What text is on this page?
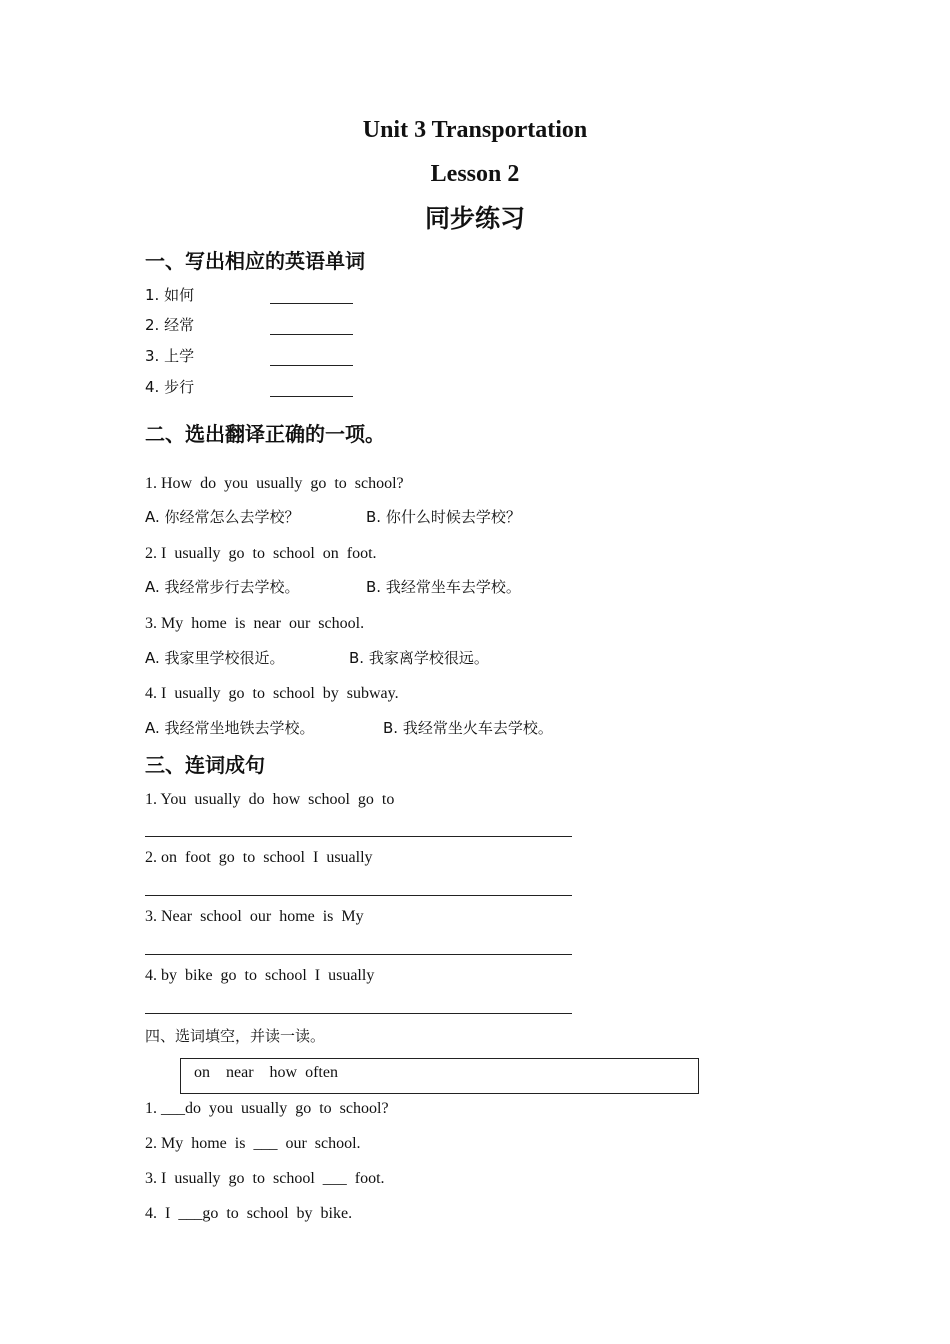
Unit 3 Transportation
Lesson 2
同步练习
一、写出相应的英语单词
1. 如何
2. 经常
3. 上学
4. 步行
二、选出翻译正确的一项。
1. How  do  you  usually  go  to  school?
A. 你经常怎么去学校？	B. 你什么时候去学校？
2. I  usually  go  to  school  on  foot.
A. 我经常步行去学校。	B. 我经常坐车去学校。
3. My  home  is  near  our  school.
A. 我家里学校很近。	B. 我家离学校很远。
4. I  usually  go  to  school  by  subway.
A. 我经常坐地铁去学校。	B. 我经常坐火车去学校。
三、连词成句
1. You  usually  do  how  school  go  to
2. on  foot  go  to  school  I  usually
3. Near  school  our  home  is  My
4. by  bike  go  to  school  I  usually
四、选词填空，并读一读。
on    near    how  often
1. ___do  you  usually  go  to  school?
2. My  home  is  ___  our  school.
3. I  usually  go  to  school  ___  foot.
4.  I  ___go  to  school  by  bike.
